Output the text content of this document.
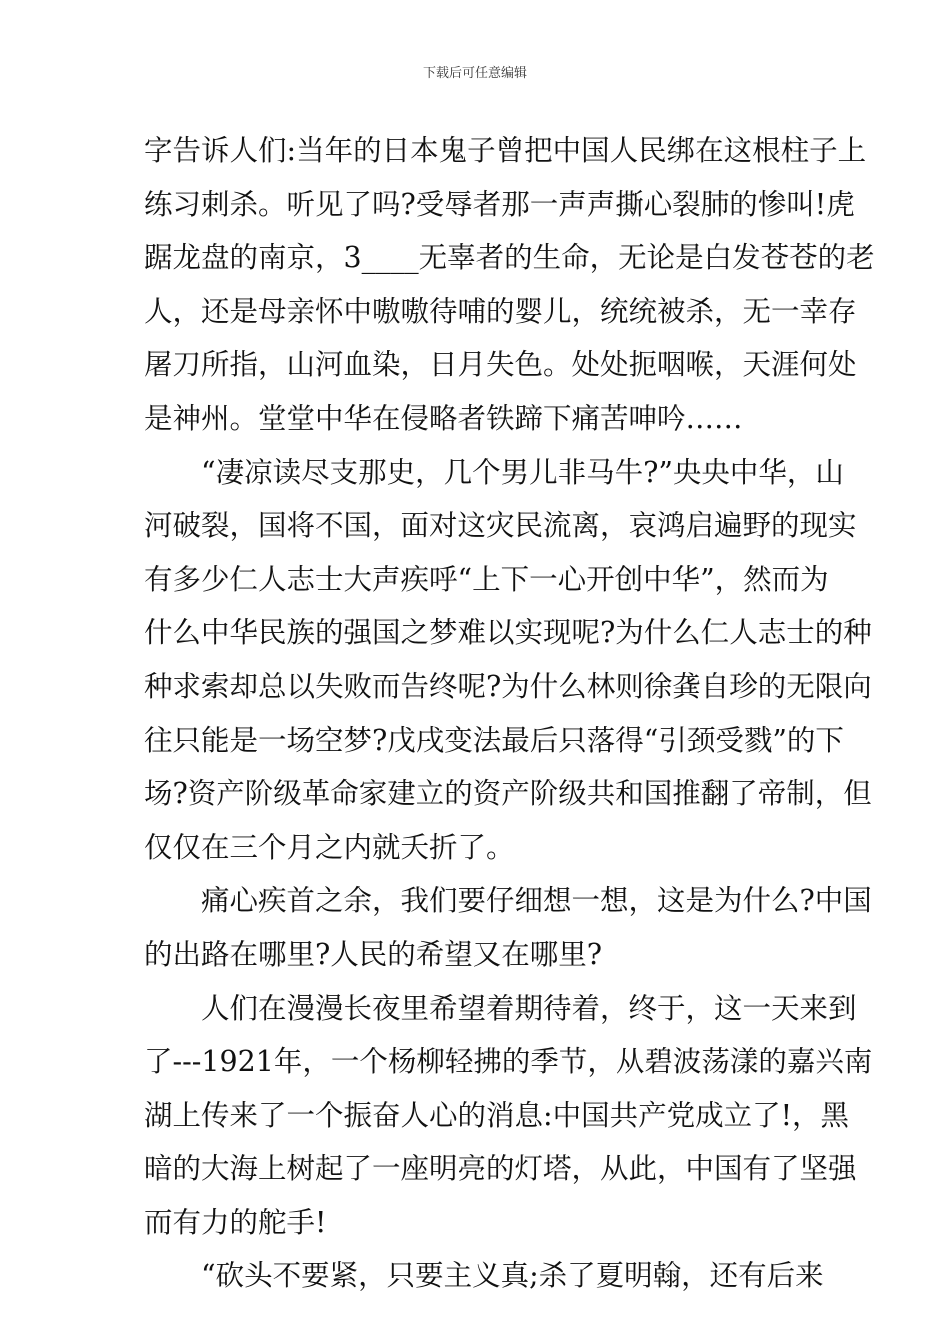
下载后可任意编辑
字告诉人们:当年的日本鬼子曾把中国人民绑在这根柱子上
练习刺杀。听见了吗?受辱者那一声声撕心裂肺的惨叫!虎
踞龙盘的南京，3____无辜者的生命，无论是白发苍苍的老
人，还是母亲怀中嗷嗷待哺的婴儿，统统被杀，无一幸存
屠刀所指，山河血染，日月失色。处处扼咽喉，天涯何处
是神州。堂堂中华在侵略者铁蹄下痛苦呻吟……
　　“凄凉读尽支那史，几个男儿非马牛?”央央中华，山
河破裂，国将不国，面对这灾民流离，哀鸿启遍野的现实
有多少仁人志士大声疾呼“上下一心开创中华”，然而为
什么中华民族的强国之梦难以实现呢?为什么仁人志士的种
种求索却总以失败而告终呢?为什么林则徐龚自珍的无限向
往只能是一场空梦?戊戌变法最后只落得“引颈受戮”的下
场?资产阶级革命家建立的资产阶级共和国推翻了帝制，但
仅仅在三个月之内就夭折了。
　　痛心疾首之余，我们要仔细想一想，这是为什么?中国
的出路在哪里?人民的希望又在哪里?
　　人们在漫漫长夜里希望着期待着，终于，这一天来到
了---1921年，一个杨柳轻拂的季节，从碧波荡漾的嘉兴南
湖上传来了一个振奋人心的消息:中国共产党成立了!，黑
暗的大海上树起了一座明亮的灯塔，从此，中国有了坚强
而有力的舵手!
　　“砍头不要紧，只要主义真;杀了夏明翰，还有后来
